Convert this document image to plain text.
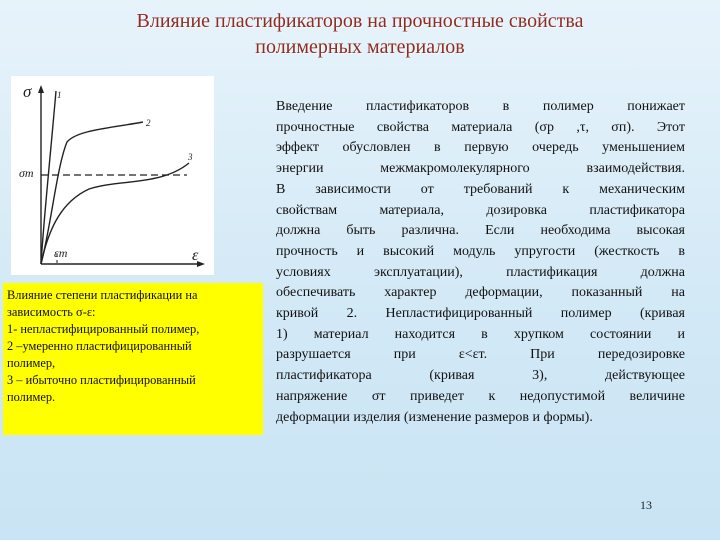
Влияние пластификаторов на прочностные свойства
полимерных материалов
σ
σт
εт	ε
1
2
3
Влияние степени пластификации на
зависимость σ-ε:
1- непластифицированный полимер,
2 –умеренно пластифицированный
полимер,
3 – ибыточно пластифицированный
полимер.
Введение пластификаторов в полимер понижает
прочностные свойства материала (σр ,τ, σп). Этот
эффект обусловлен в первую очередь уменьшением
энергии межмакромолекулярного взаимодействия.
В зависимости от требований к механическим
свойствам материала, дозировка пластификатора
должна быть различна. Если необходима высокая
прочность и высокий модуль упругости (жесткость в
условиях эксплуатации), пластификация должна
обеспечивать характер деформации, показанный на
кривой 2. Непластифицированный полимер (кривая
1) материал находится в хрупком состоянии и
разрушается при ε<εт. При передозировке
пластификатора (кривая 3), действующее
напряжение σт приведет к недопустимой величине
деформации изделия (изменение размеров и формы).
13
